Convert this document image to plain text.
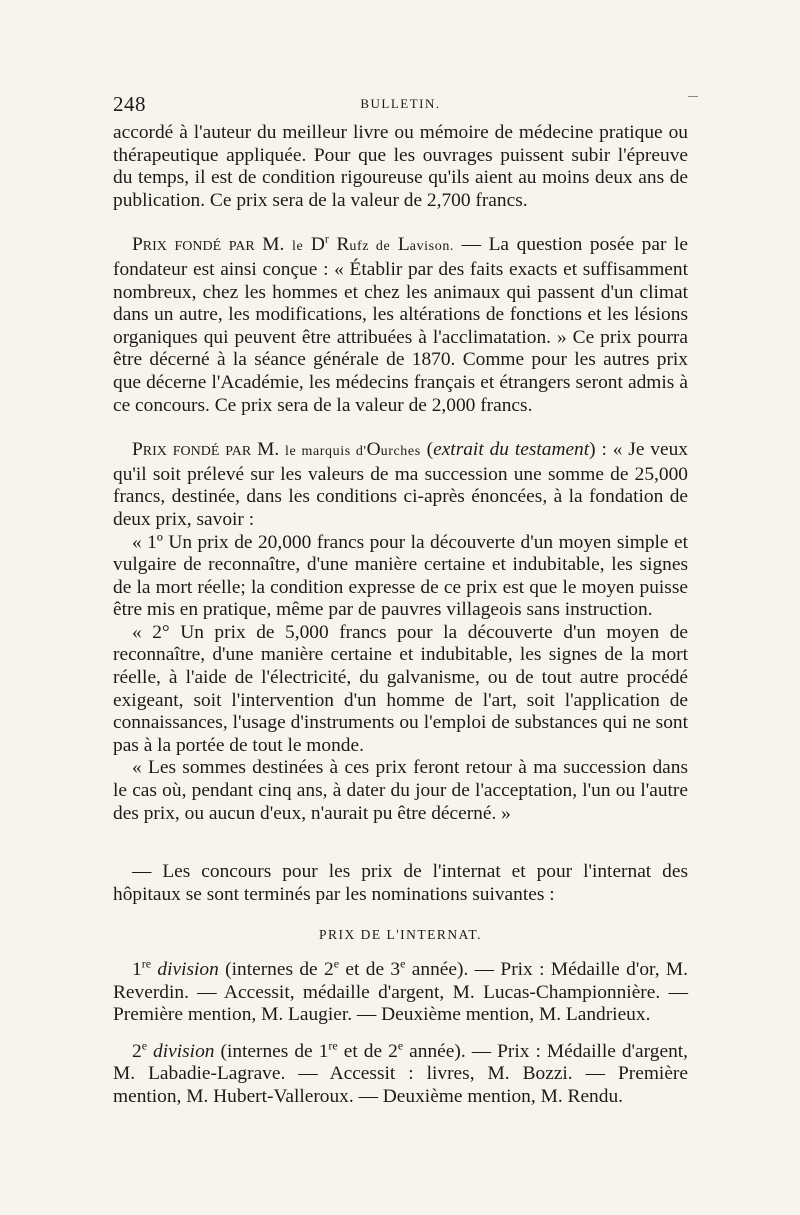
248	BULLETIN.

accordé à l'auteur du meilleur livre ou mémoire de médecine pratique ou thérapeutique appliquée. Pour que les ouvrages puissent subir l'épreuve du temps, il est de condition rigoureuse qu'ils aient au moins deux ans de publication. Ce prix sera de la valeur de 2,700 francs.

Prix fondé par M. le $D^r$ Rufz de Lavison. — La question posée par le fondateur est ainsi conçue : « Établir par des faits exacts et suffisamment nombreux, chez les hommes et chez les animaux qui passent d'un climat dans un autre, les modifications, les altérations de fonctions et les lésions organiques qui peuvent être attribuées à l'acclimatation. » Ce prix pourra être décerné à la séance générale de 1870. Comme pour les autres prix que décerne l'Académie, les médecins français et étrangers seront admis à ce concours. Ce prix sera de la valeur de 2,000 francs.

Prix fondé par M. le marquis d'Ourches (extrait du testament) : « Je veux qu'il soit prélevé sur les valeurs de ma succession une somme de 25,000 francs, destinée, dans les conditions ci-après énoncées, à la fondation de deux prix, savoir :

« 1º Un prix de 20,000 francs pour la découverte d'un moyen simple et vulgaire de reconnaître, d'une manière certaine et indubitable, les signes de la mort réelle; la condition expresse de ce prix est que le moyen puisse être mis en pratique, même par de pauvres villageois sans instruction.

« 2° Un prix de 5,000 francs pour la découverte d'un moyen de reconnaître, d'une manière certaine et indubitable, les signes de la mort réelle, à l'aide de l'électricité, du galvanisme, ou de tout autre procédé exigeant, soit l'intervention d'un homme de l'art, soit l'application de connaissances, l'usage d'instruments ou l'emploi de substances qui ne sont pas à la portée de tout le monde.

« Les sommes destinées à ces prix feront retour à ma succession dans le cas où, pendant cinq ans, à dater du jour de l'acceptation, l'un ou l'autre des prix, ou aucun d'eux, n'aurait pu être décerné. »

— Les concours pour les prix de l'internat et pour l'internat des hôpitaux se sont terminés par les nominations suivantes :

PRIX DE L'INTERNAT.

1re division (internes de 2e et de 3e année). — Prix : Médaille d'or, M. Reverdin. — Accessit, médaille d'argent, M. Lucas-Championnière. — Première mention, M. Laugier. — Deuxième mention, M. Landrieux.

2e division (internes de 1re et de 2e année). — Prix : Médaille d'argent, M. Labadie-Lagrave. — Accessit : livres, M. Bozzi. — Première mention, M. Hubert-Valleroux. — Deuxième mention, M. Rendu.
